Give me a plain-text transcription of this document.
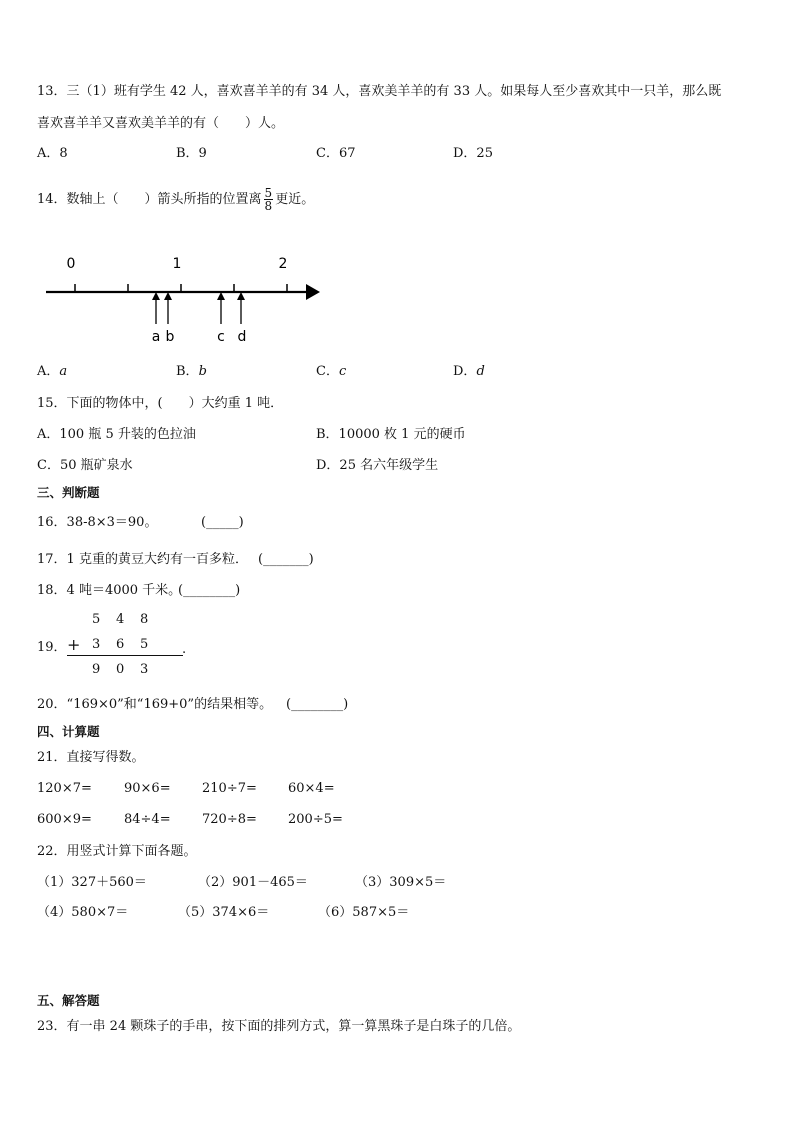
13．三（1）班有学生 42 人，喜欢喜羊羊的有 34 人，喜欢美羊羊的有 33 人。如果每人至少喜欢其中一只羊，那么既
喜欢喜羊羊又喜欢美羊羊的有（　　）人。
A．8	B．9	C．67	D．25
14．数轴上（　　）箭头所指的位置离 $\frac{5}{8}$ 更近。
0	1	2
a b	c d
A．a	B．b	C．c	D．d
15．下面的物体中，(　　）大约重 1 吨．
A．100 瓶 5 升装的色拉油	B．10000 枚 1 元的硬币
C．50 瓶矿泉水	D．25 名六年级学生
三、判断题
16．38-8×3＝90。	(_____)
17．1 克重的黄豆大约有一百多粒． (_______)
18．4 吨＝4000 千米。
(________)
19．
5 4 8
+ 3 6 5	.
9 0 3
20．“169×0”和“169+0”的结果相等。 (________)
四、计算题
21．直接写得数。
120×7= 90×6= 210÷7= 60×4=
600×9= 84÷4= 720÷8= 200÷5=
22．用竖式计算下面各题。
（1）327＋560＝	（2）901－465＝	（3）309×5＝
（4）580×7＝	（5）374×6＝	（6）587×5＝
五、解答题
23．有一串 24 颗珠子的手串，按下面的排列方式，算一算黑珠子是白珠子的几倍。
